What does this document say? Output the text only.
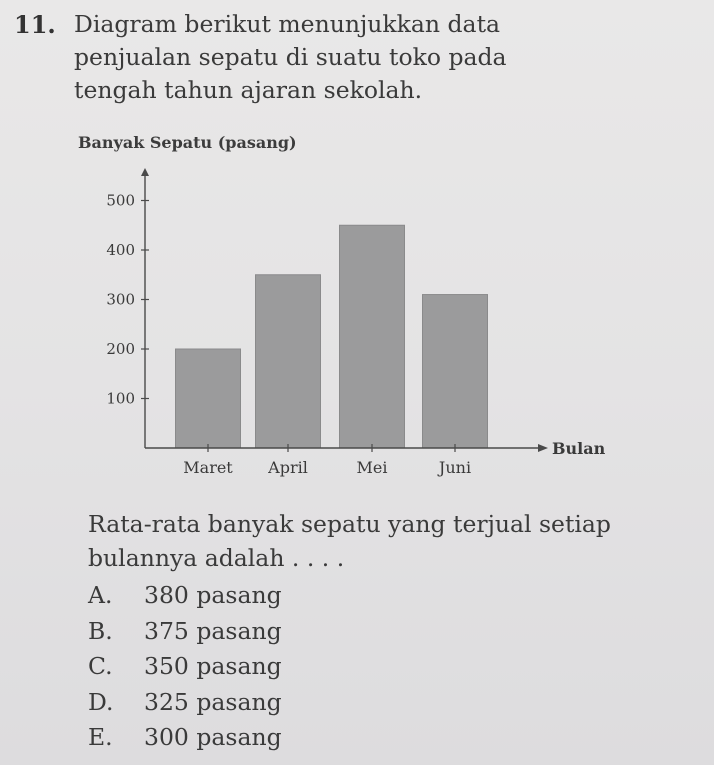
11. Diagram berikut menunjukkan data
penjualan sepatu di suatu toko pada
tengah tahun ajaran sekolah.
Banyak Sepatu (pasang)
100
200
300
400
500
Maret April	Mei	Juni
Bulan
Rata-rata banyak sepatu yang terjual setiap
bulannya adalah . . . .
A.	380 pasang
B.	375 pasang
C.	350 pasang
D.	325 pasang
E.	300 pasang
